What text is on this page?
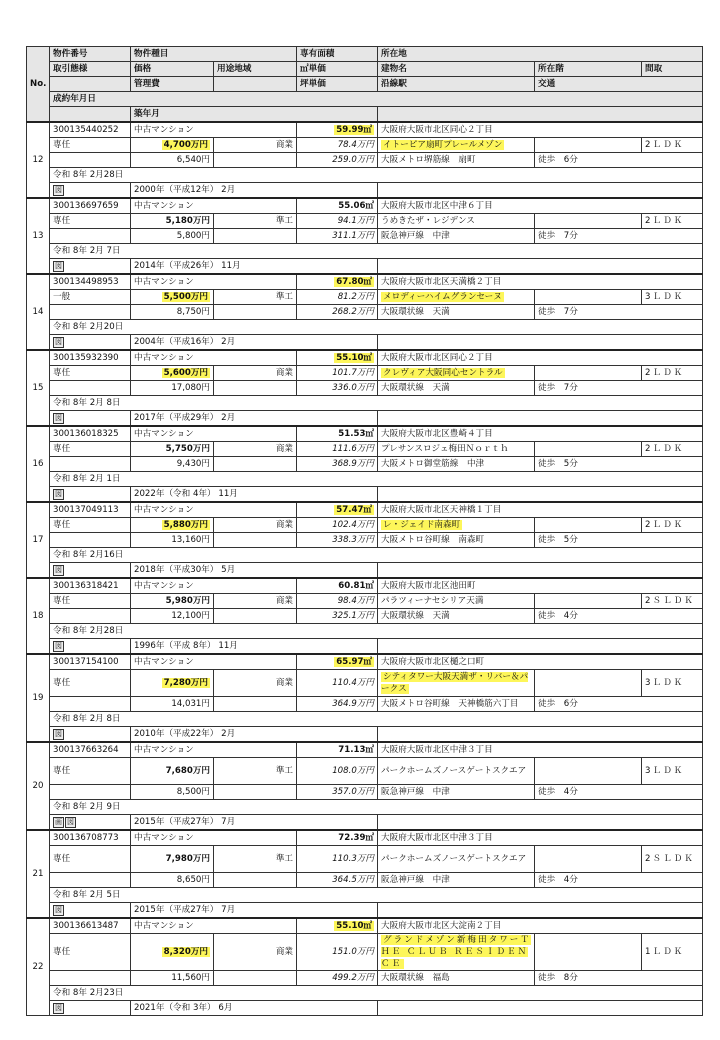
No.	物件番号	物件種目		専有面積	所在地		
	取引態様	価格	用途地域	㎡単価	建物名	所在階	間取
		管理費		坪単価	沿線駅	交通	
	成約年月日						
		築年月					
12	300135440252	中古マンション		59.99㎡	大阪府大阪市北区同心２丁目		
	専任	4,700万円	商業	78.4万円	イトーピア扇町プレールメゾン		2ＬＤＫ
		6,540円		259.0万円	大阪メトロ堺筋線　扇町	徒歩　6分	
	令和 8年 2月28日						
	図	2000年（平成12年） 2月					
13	300136697659	中古マンション		55.06㎡	大阪府大阪市北区中津６丁目		
	専任	5,180万円	準工	94.1万円	うめきたザ・レジデンス		2ＬＤＫ
		5,800円		311.1万円	阪急神戸線　中津	徒歩　7分	
	令和 8年 2月 7日						
	図	2014年（平成26年） 11月					
14	300134498953	中古マンション		67.80㎡	大阪府大阪市北区天満橋２丁目		
	一般	5,500万円	準工	81.2万円	メロディーハイムグランセーヌ		3ＬＤＫ
		8,750円		268.2万円	大阪環状線　天満	徒歩　7分	
	令和 8年 2月20日						
	図	2004年（平成16年） 2月					
15	300135932390	中古マンション		55.10㎡	大阪府大阪市北区同心２丁目		
	専任	5,600万円	商業	101.7万円	クレヴィア大阪同心セントラル		2ＬＤＫ
		17,080円		336.0万円	大阪環状線　天満	徒歩　7分	
	令和 8年 2月 8日						
	図	2017年（平成29年） 2月					
16	300136018325	中古マンション		51.53㎡	大阪府大阪市北区豊崎４丁目		
	専任	5,750万円	商業	111.6万円	プレサンスロジェ梅田Ｎｏｒｔｈ		2ＬＤＫ
		9,430円		368.9万円	大阪メトロ御堂筋線　中津	徒歩　5分	
	令和 8年 2月 1日						
	図	2022年（令和 4年） 11月					
17	300137049113	中古マンション		57.47㎡	大阪府大阪市北区天神橋１丁目		
	専任	5,880万円	商業	102.4万円	レ・ジェイド南森町		2ＬＤＫ
		13,160円		338.3万円	大阪メトロ谷町線　南森町	徒歩　5分	
	令和 8年 2月16日						
	図	2018年（平成30年） 5月					
18	300136318421	中古マンション		60.81㎡	大阪府大阪市北区池田町		
	専任	5,980万円	商業	98.4万円	パラツィーナセシリア天満		2ＳＬＤＫ
		12,100円		325.1万円	大阪環状線　天満	徒歩　4分	
	令和 8年 2月28日						
	図	1996年（平成 8年） 11月					
19	300137154100	中古マンション		65.97㎡	大阪府大阪市北区樋之口町		
	専任	7,280万円	商業	110.4万円	シティタワー大阪天満ザ・リバー＆パークス		3ＬＤＫ
		14,031円		364.9万円	大阪メトロ谷町線　天神橋筋六丁目	徒歩　6分	
	令和 8年 2月 8日						
	図	2010年（平成22年） 2月					
20	300137663264	中古マンション		71.13㎡	大阪府大阪市北区中津３丁目		
	専任	7,680万円	準工	108.0万円	パークホームズノースゲートスクエア		3ＬＤＫ
		8,500円		357.0万円	阪急神戸線　中津	徒歩　4分	
	令和 8年 2月 9日						
	画 図	2015年（平成27年） 7月					
21	300136708773	中古マンション		72.39㎡	大阪府大阪市北区中津３丁目		
	専任	7,980万円	準工	110.3万円	パークホームズノースゲートスクエア		2ＳＬＤＫ
		8,650円		364.5万円	阪急神戸線　中津	徒歩　4分	
	令和 8年 2月 5日						
	図	2015年（平成27年） 7月					
22	300136613487	中古マンション		55.10㎡	大阪府大阪市北区大淀南２丁目		
	専任	8,320万円	商業	151.0万円	グランドメゾン新梅田タワーＴＨＥ ＣＬＵＢ ＲＥＳＩＤＥＮＣＥ		1ＬＤＫ
		11,560円		499.2万円	大阪環状線　福島	徒歩　8分	
	令和 8年 2月23日						
	図	2021年（令和 3年） 6月					
